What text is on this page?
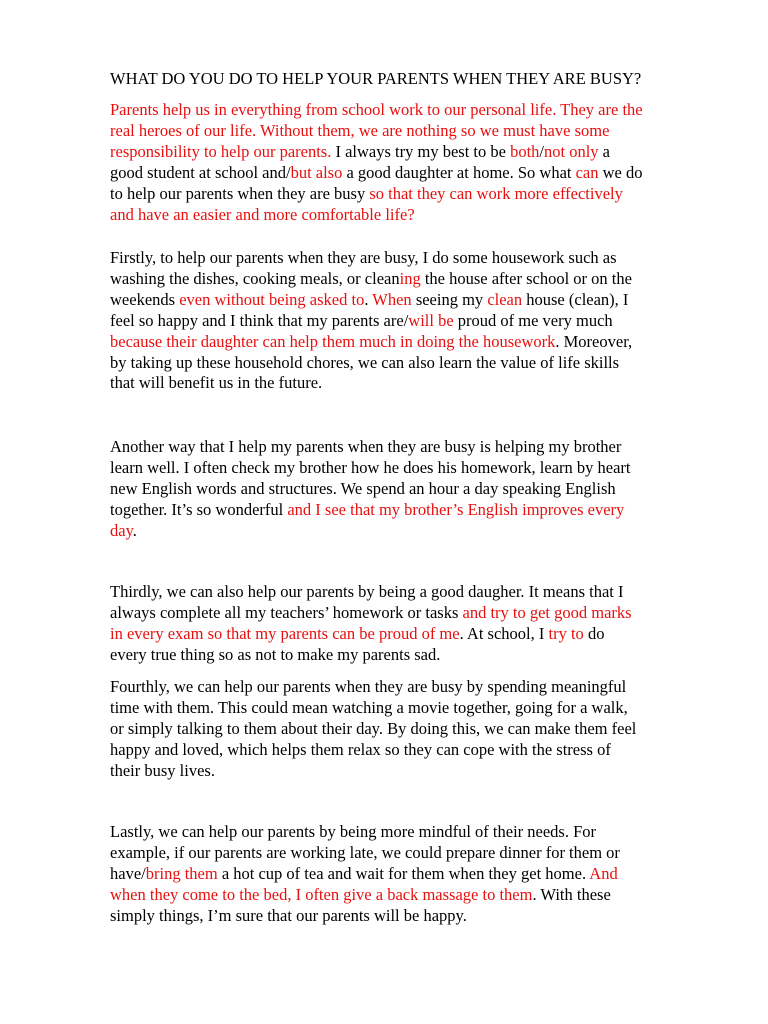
WHAT DO YOU DO TO HELP YOUR PARENTS WHEN THEY ARE BUSY?

Parents help us in everything from school work to our personal life. They are the
real heroes of our life. Without them, we are nothing so we must have some
responsibility to help our parents. I always try my best to be both/not only a
good student at school and/but also a good daughter at home. So what can we do
to help our parents when they are busy so that they can work more effectively
and have an easier and more comfortable life?

Firstly, to help our parents when they are busy, I do some housework such as
washing the dishes, cooking meals, or cleaning the house after school or on the
weekends even without being asked to. When seeing my clean house (clean), I
feel so happy and I think that my parents are/will be proud of me very much
because their daughter can help them much in doing the housework. Moreover,
by taking up these household chores, we can also learn the value of life skills
that will benefit us in the future.

Another way that I help my parents when they are busy is helping my brother
learn well. I often check my brother how he does his homework, learn by heart
new English words and structures. We spend an hour a day speaking English
together. It’s so wonderful and I see that my brother’s English improves every
day.

Thirdly, we can also help our parents by being a good daugher. It means that I
always complete all my teachers’ homework or tasks and try to get good marks
in every exam so that my parents can be proud of me. At school, I try to do
every true thing so as not to make my parents sad.

Fourthly, we can help our parents when they are busy by spending meaningful
time with them. This could mean watching a movie together, going for a walk,
or simply talking to them about their day. By doing this, we can make them feel
happy and loved, which helps them relax so they can cope with the stress of
their busy lives.

Lastly, we can help our parents by being more mindful of their needs. For
example, if our parents are working late, we could prepare dinner for them or
have/bring them a hot cup of tea and wait for them when they get home. And
when they come to the bed, I often give a back massage to them. With these
simply things, I’m sure that our parents will be happy.
